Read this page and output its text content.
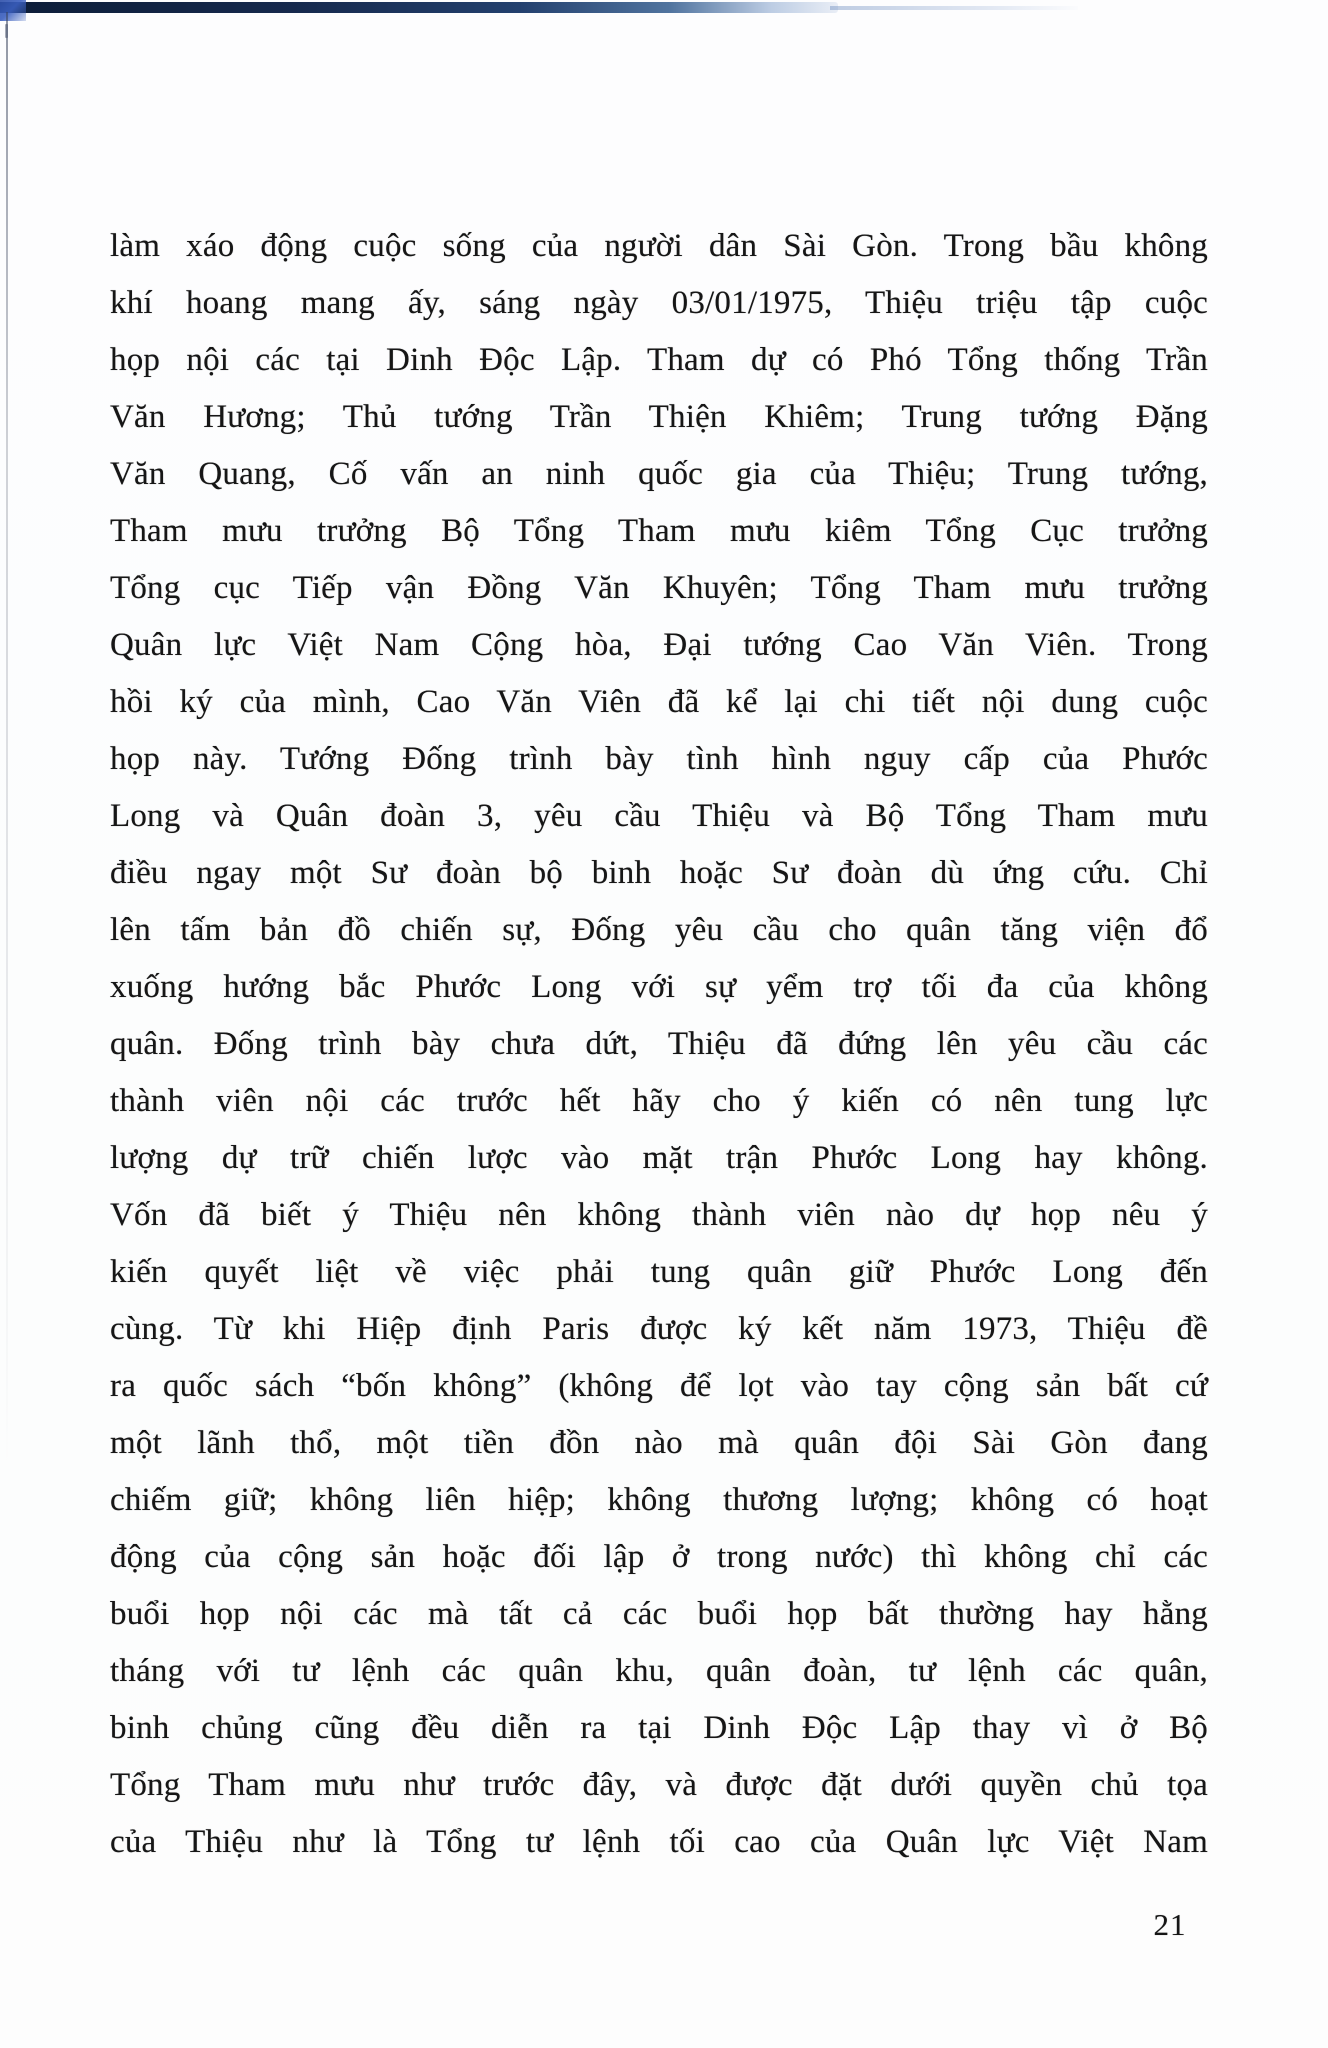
làm xáo động cuộc sống của người dân Sài Gòn. Trong bầu không

khí hoang mang ấy, sáng ngày 03/01/1975, Thiệu triệu tập cuộc

họp nội các tại Dinh Độc Lập. Tham dự có Phó Tổng thống Trần

Văn Hương; Thủ tướng Trần Thiện Khiêm; Trung tướng Đặng

Văn Quang, Cố vấn an ninh quốc gia của Thiệu; Trung tướng,

Tham mưu trưởng Bộ Tổng Tham mưu kiêm Tổng Cục trưởng

Tổng cục Tiếp vận Đồng Văn Khuyên; Tổng Tham mưu trưởng

Quân lực Việt Nam Cộng hòa, Đại tướng Cao Văn Viên. Trong

hồi ký của mình, Cao Văn Viên đã kể lại chi tiết nội dung cuộc

họp này. Tướng Đống trình bày tình hình nguy cấp của Phước

Long và Quân đoàn 3, yêu cầu Thiệu và Bộ Tổng Tham mưu

điều ngay một Sư đoàn bộ binh hoặc Sư đoàn dù ứng cứu. Chỉ

lên tấm bản đồ chiến sự, Đống yêu cầu cho quân tăng viện đổ

xuống hướng bắc Phước Long với sự yểm trợ tối đa của không

quân. Đống trình bày chưa dứt, Thiệu đã đứng lên yêu cầu các

thành viên nội các trước hết hãy cho ý kiến có nên tung lực

lượng dự trữ chiến lược vào mặt trận Phước Long hay không.

Vốn đã biết ý Thiệu nên không thành viên nào dự họp nêu ý

kiến quyết liệt về việc phải tung quân giữ Phước Long đến

cùng. Từ khi Hiệp định Paris được ký kết năm 1973, Thiệu đề

ra quốc sách “bốn không” (không để lọt vào tay cộng sản bất cứ

một lãnh thổ, một tiền đồn nào mà quân đội Sài Gòn đang

chiếm giữ; không liên hiệp; không thương lượng; không có hoạt

động của cộng sản hoặc đối lập ở trong nước) thì không chỉ các

buổi họp nội các mà tất cả các buổi họp bất thường hay hằng

tháng với tư lệnh các quân khu, quân đoàn, tư lệnh các quân,

binh chủng cũng đều diễn ra tại Dinh Độc Lập thay vì ở Bộ

Tổng Tham mưu như trước đây, và được đặt dưới quyền chủ tọa

của Thiệu như là Tổng tư lệnh tối cao của Quân lực Việt Nam

21
